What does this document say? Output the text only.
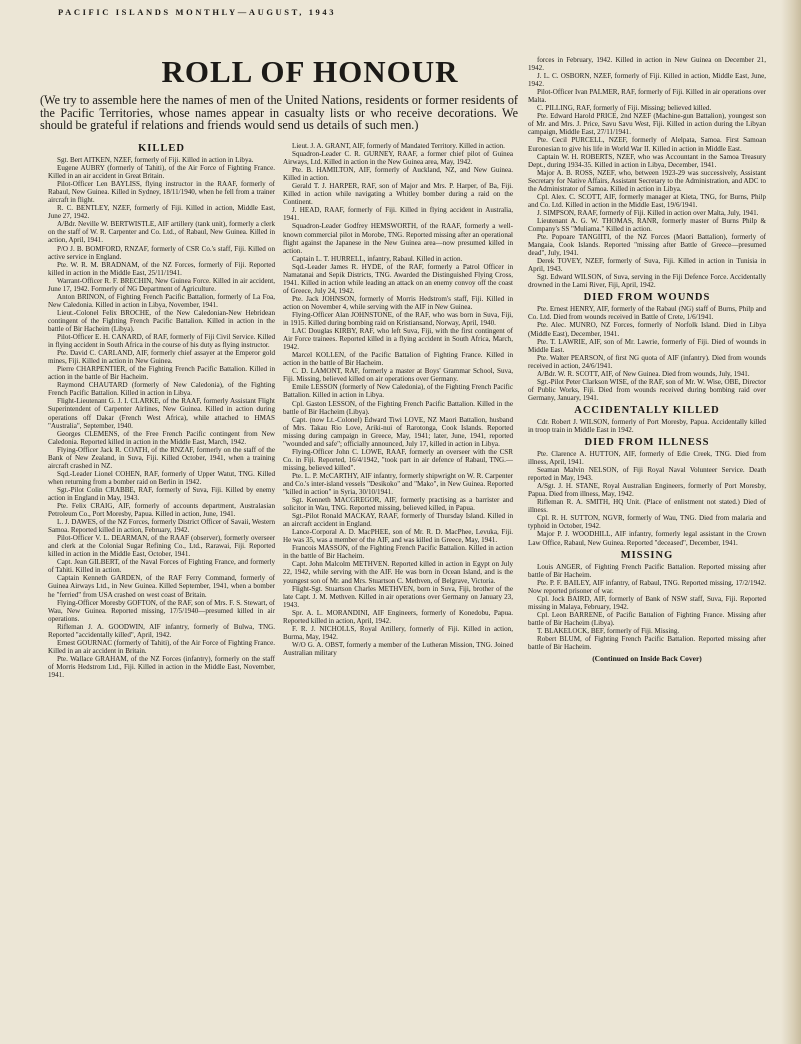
PACIFIC ISLANDS MONTHLY—AUGUST, 1943
ROLL OF HONOUR
(We try to assemble here the names of men of the United Nations, residents or former residents of the Pacific Territories, whose names appear in casualty lists or who receive decorations. We should be grateful if relations and friends would send us details of such men.)
KILLED

Sgt. Bert AITKEN, NZEF, formerly of Fiji. Killed in action in Libya.

Eugene AUBRY (formerly of Tahiti), of the Air Force of Fighting France. Killed in an air accident in Great Britain.

Pilot-Officer Len BAYLISS, flying instructor in the RAAF, formerly of Rabaul, New Guinea. Killed in Sydney, 18/11/1940, when he fell from a trainer aircraft in flight.

R. C. BENTLEY, NZEF, formerly of Fiji. Killed in action, Middle East, June 27, 1942.

A/Bdr. Neville W. BERTWISTLE, AIF artillery (tank unit), formerly a clerk on the staff of W. R. Carpenter and Co. Ltd., of Rabaul, New Guinea. Killed in action, April, 1941.

P/O J. B. BOMFORD, RNZAF, formerly of CSR Co.'s staff, Fiji. Killed on active service in England.

Pte. W. R. M. BRADNAM, of the NZ Forces, formerly of Fiji. Reported killed in action in the Middle East, 25/11/1941.

Warrant-Officer R. F. BRECHIN, New Guinea Force. Killed in air accident, June 17, 1942. Formerly of NG Department of Agriculture.

Anton BRINON, of Fighting French Pacific Battalion, formerly of La Foa, New Caledonia. Killed in action in Libya, November, 1941.

Lieut.-Colonel Felix BROCHE, of the New Caledonian-New Hebridean contingent of the Fighting French Pacific Battalion. Killed in action in the battle of Bir Hacheim (Libya).

Pilot-Officer E. H. CANARD, of RAF, formerly of Fiji Civil Service. Killed in flying accident in South Africa in the course of his duty as flying instructor.

Pte. David C. CARLAND, AIF, formerly chief assayer at the Emperor gold mines, Fiji. Killed in action in New Guinea.

Pierre CHARPENTIER, of the Fighting French Pacific Battalion. Killed in action in the battle of Bir Hacheim.

Raymond CHAUTARD (formerly of New Caledonia), of the Fighting French Pacific Battalion. Killed in action in Libya.

Flight-Lieutenant G. J. I. CLARKE, of the RAAF, formerly Assistant Flight Superintendent of Carpenter Airlines, New Guinea. Killed in action during operations off Dakar (French West Africa), while attached to HMAS "Australia", September, 1940.

Georges CLEMENS, of the Free French Pacific contingent from New Caledonia. Reported killed in action in the Middle East, March, 1942.

Flying-Officer Jack R. COATH, of the RNZAF, formerly on the staff of the Bank of New Zealand, in Suva, Fiji. Killed October, 1941, when a training aircraft crashed in NZ.

Sqd.-Leader Lionel COHEN, RAF, formerly of Upper Watut, TNG. Killed when returning from a bomber raid on Berlin in 1942.

Sgt.-Pilot Colin CRABBE, RAF, formerly of Suva, Fiji. Killed by enemy action in England in May, 1943.

Pte. Felix CRAIG, AIF, formerly of accounts department, Australasian Petroleum Co., Port Moresby, Papua. Killed in action, June, 1941.

L. J. DAWES, of the NZ Forces, formerly District Officer of Savaii, Western Samoa. Reported killed in action, February, 1942.

Pilot-Officer V. L. DEARMAN, of the RAAF (observer), formerly overseer and clerk at the Colonial Sugar Refining Co., Ltd., Rarawai, Fiji. Reported killed in action in the Middle East, October, 1941.

Capt. Jean GILBERT, of the Naval Forces of Fighting France, and formerly of Tahiti. Killed in action.

Captain Kenneth GARDEN, of the RAF Ferry Command, formerly of Guinea Airways Ltd., in New Guinea. Killed September, 1941, when a bomber he "ferried" from USA crashed on west coast of Britain.

Flying-Officer Moresby GOFTON, of the RAF, son of Mrs. F. S. Stewart, of Wau, New Guinea. Reported missing, 17/5/1940—presumed killed in air operations.

Rifleman J. A. GOODWIN, AIF infantry, formerly of Bulwa, TNG. Reported "accidentally killed", April, 1942.

Ernest GOURNAC (formerly of Tahiti), of the Air Force of Fighting France. Killed in an air accident in Britain.

Pte. Wallace GRAHAM, of the NZ Forces (infantry), formerly on the staff of Morris Hedstrom Ltd., Fiji. Killed in action in the Middle East, November, 1941.

Lieut. J. A. GRANT, AIF, formerly of Mandated Territory. Killed in action.

Squadron-Leader C. R. GURNEY, RAAF, a former chief pilot of Guinea Airways, Ltd. Killed in action in the New Guinea area, May, 1942.

Pte. B. HAMILTON, AIF, formerly of Auckland, NZ, and New Guinea. Killed in action.

Gerald T. J. HARPER, RAF, son of Major and Mrs. P. Harper, of Ba, Fiji. Killed in action while navigating a Whitley bomber during a raid on the Continent.

J. HEAD, RAAF, formerly of Fiji. Killed in flying accident in Australia, 1941.

Squadron-Leader Godfrey HEMSWORTH, of the RAAF, formerly a well-known commercial pilot in Morobe, TNG. Reported missing after an operational flight against the Japanese in the New Guinea area—now presumed killed in action.

Captain L. T. HURRELL, infantry, Rabaul. Killed in action.

Sqd.-Leader James R. HYDE, of the RAF, formerly a Patrol Officer in Namatanai and Sepik Districts, TNG. Awarded the Distinguished Flying Cross, 1941. Killed in action while leading an attack on an enemy convoy off the coast of Greece, July 24, 1942.

Pte. Jack JOHNSON, formerly of Morris Hedstrom's staff, Fiji. Killed in action on November 4, while serving with the AIF in New Guinea.

Flying-Officer Alan JOHNSTONE, of the RAF, who was born in Suva, Fiji, in 1915. Killed during bombing raid on Kristiansand, Norway, April, 1940.

LAC Douglas KIRBY, RAF, who left Suva, Fiji, with the first contingent of Air Force trainees. Reported killed in a flying accident in South Africa, March, 1942.

Marcel KOLLEN, of the Pacific Battalion of Fighting France. Killed in action in the battle of Bir Hacheim.

C. D. LAMONT, RAF, formerly a master at Boys' Grammar School, Suva, Fiji. Missing, believed killed on air operations over Germany.

Emile LESSON (formerly of New Caledonia), of the Fighting French Pacific Battalion. Killed in action in Libya.

Cpl. Gaston LESSON, of the Fighting French Pacific Battalion. Killed in the battle of Bir Hacheim (Libya).

Capt. (now Lt.-Colonel) Edward Tiwi LOVE, NZ Maori Battalion, husband of Mrs. Takau Rio Love, Ariki-nui of Rarotonga, Cook Islands. Reported missing during campaign in Greece, May, 1941; later, June, 1941, reported "wounded and safe"; officially announced, July 17, killed in action in Libya.

Flying-Officer John C. LOWE, RAAF, formerly an overseer with the CSR Co. in Fiji. Reported, 16/4/1942, "took part in air defence of Rabaul, TNG.—missing, believed killed".

Pte. L. P. McCARTHY, AIF infantry, formerly shipwright on W. R. Carpenter and Co.'s inter-island vessels "Desikoko" and "Mako", in New Guinea. Reported "killed in action" in Syria, 30/10/1941.

Sgt. Kenneth MACGREGOR, AIF, formerly practising as a barrister and solicitor in Wau, TNG. Reported missing, believed killed, in Papua.

Sgt.-Pilot Ronald MACKAY, RAAF, formerly of Thursday Island. Killed in an aircraft accident in England.

Lance-Corporal A. D. MacPHEE, son of Mr. R. D. MacPhee, Levuka, Fiji. He was 35, was a member of the AIF, and was killed in Greece, May, 1941.

Francois MASSON, of the Fighting French Pacific Battalion. Killed in action in the battle of Bir Hacheim.

Capt. John Malcolm METHVEN. Reported killed in action in Egypt on July 22, 1942, while serving with the AIF. He was born in Ocean Island, and is the youngest son of Mr. and Mrs. Stuartson C. Methven, of Belgrave, Victoria.

Flight-Sgt. Stuartson Charles METHVEN, born in Suva, Fiji, brother of the late Capt. J. M. Methven. Killed in air operations over Germany on January 23, 1943.

Spr. A. L. MORANDINI, AIF Engineers, formerly of Konedobu, Papua. Reported killed in action, April, 1942.

F. R. J. NICHOLLS, Royal Artillery, formerly of Fiji. Killed in action, Burma, May, 1942.

W/O G. A. OBST, formerly a member of the Lutheran Mission, TNG. Joined Australian military

forces in February, 1942. Killed in action in New Guinea on December 21, 1942.

J. L. C. OSBORN, NZEF, formerly of Fiji. Killed in action, Middle East, June, 1942.

Pilot-Officer Ivan PALMER, RAF, formerly of Fiji. Killed in air operations over Malta.

C. PILLING, RAF, formerly of Fiji. Missing; believed killed.

Pte. Edward Harold PRICE, 2nd NZEF (Machine-gun Battalion), youngest son of Mr. and Mrs. J. Price, Savu Savu West, Fiji. Killed in action during the Libyan campaign, Middle East, 27/11/1941.

Pte. Cecil PURCELL, NZEF, formerly of Alelpata, Samoa. First Samoan Euronesian to give his life in World War II. Killed in action in Middle East.

Captain W. H. ROBERTS, NZEF, who was Accountant in the Samoa Treasury Dept., during 1934-35. Killed in action in Libya, December, 1941.

Major A. B. ROSS, NZEF, who, between 1923-29 was successively, Assistant Secretary for Native Affairs, Assistant Secretary to the Administration, and ADC to the Administrator of Samoa. Killed in action in Libya.

Cpl. Alex. C. SCOTT, AIF, formerly manager at Kieta, TNG, for Burns, Philp and Co. Ltd. Killed in action in the Middle East, 19/6/1941.

J. SIMPSON, RAAF, formerly of Fiji. Killed in action over Malta, July, 1941.

Lieutenant A. G. W. THOMAS, RANR, formerly master of Burns Philp & Company's SS "Muliama." Killed in action.

Pte. Popoare TANGIITI, of the NZ Forces (Maori Battalion), formerly of Mangaia, Cook Islands. Reported "missing after Battle of Greece—presumed dead", July, 1941.

Derek TOVEY, NZEF, formerly of Suva, Fiji. Killed in action in Tunisia in April, 1943.

Sgt. Edward WILSON, of Suva, serving in the Fiji Defence Force. Accidentally drowned in the Lami River, Fiji, April, 1942.

DIED FROM WOUNDS

Pte. Ernest HENRY, AIF, formerly of the Rabaul (NG) staff of Burns, Philp and Co. Ltd. Died from wounds received in Battle of Crete, 1/6/1941.

Pte. Alec. MUNRO, NZ Forces, formerly of Norfolk Island. Died in Libya (Middle East), December, 1941.

Pte. T. LAWRIE, AIF, son of Mr. Lawrie, formerly of Fiji. Died of wounds in Middle East.

Pte. Walter PEARSON, of first NG quota of AIF (infantry). Died from wounds received in action, 24/6/1941.

A/Bdr. W. R. SCOTT, AIF, of New Guinea. Died from wounds, July, 1941.

Sgt.-Pilot Peter Clarkson WISE, of the RAF, son of Mr. W. Wise, OBE, Director of Public Works, Fiji. Died from wounds received during bombing raid over Germany, January, 1941.

ACCIDENTALLY KILLED

Cdr. Robert J. WILSON, formerly of Port Moresby, Papua. Accidentally killed in troop train in Middle East in 1942.

DIED FROM ILLNESS

Pte. Clarence A. HUTTON, AIF, formerly of Edie Creek, TNG. Died from illness, April, 1941.

Seaman Malvin NELSON, of Fiji Royal Naval Volunteer Service. Death reported in May, 1943.

A/Sgt. J. H. STANE, Royal Australian Engineers, formerly of Port Moresby, Papua. Died from illness, May, 1942.

Rifleman R. A. SMITH, HQ Unit. (Place of enlistment not stated.) Died of illness.

Cpl. R. H. SUTTON, NGVR, formerly of Wau, TNG. Died from malaria and typhoid in October, 1942.

Major P. J. WOODHILL, AIF infantry, formerly legal assistant in the Crown Law Office, Rabaul, New Guinea. Reported "deceased", December, 1941.

MISSING

Louis ANGER, of Fighting French Pacific Battalion. Reported missing after battle of Bir Hacheim.

Pte. P. F. BAILEY, AIF infantry, of Rabaul, TNG. Reported missing, 17/2/1942. Now reported prisoner of war.

Cpl. Jock BAIRD, AIF, formerly of Bank of NSW staff, Suva, Fiji. Reported missing in Malaya, February, 1942.

Cpl. Leon BARRENE, of Pacific Battalion of Fighting France. Missing after battle of Bir Hacheim (Libya).

T. BLAKELOCK, BEF, formerly of Fiji. Missing.

Robert BLUM, of Fighting French Pacific Battalion. Reported missing after battle of Bir Hacheim.

(Continued on Inside Back Cover)
